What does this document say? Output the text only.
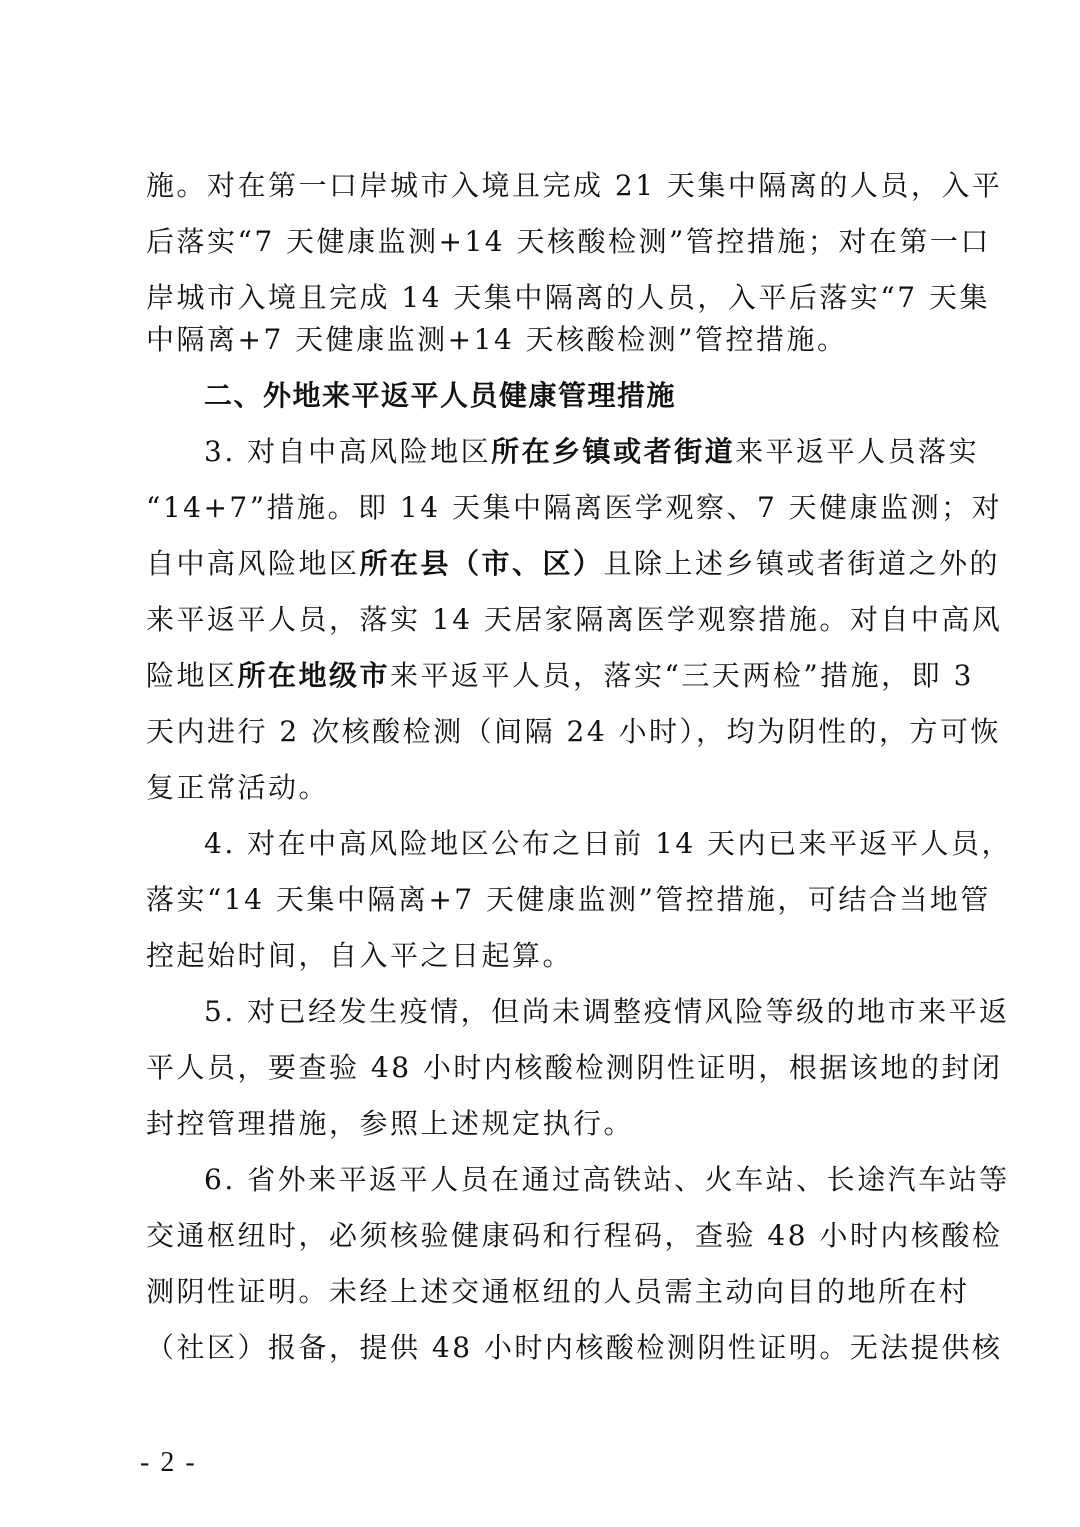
施。对在第一口岸城市入境且完成 21 天集中隔离的人员，入平
后落实“7 天健康监测+14 天核酸检测”管控措施；对在第一口
岸城市入境且完成 14 天集中隔离的人员，入平后落实“7 天集
中隔离+7 天健康监测+14 天核酸检测”管控措施。
二、外地来平返平人员健康管理措施
3. 对自中高风险地区所在乡镇或者街道来平返平人员落实
“14+7”措施。即 14 天集中隔离医学观察、7 天健康监测；对
自中高风险地区所在县（市、区）且除上述乡镇或者街道之外的
来平返平人员，落实 14 天居家隔离医学观察措施。对自中高风
险地区所在地级市来平返平人员，落实“三天两检”措施，即 3
天内进行 2 次核酸检测（间隔 24 小时），均为阴性的，方可恢
复正常活动。
4. 对在中高风险地区公布之日前 14 天内已来平返平人员，
落实“14 天集中隔离+7 天健康监测”管控措施，可结合当地管
控起始时间，自入平之日起算。
5. 对已经发生疫情，但尚未调整疫情风险等级的地市来平返
平人员，要查验 48 小时内核酸检测阴性证明，根据该地的封闭
封控管理措施，参照上述规定执行。
6. 省外来平返平人员在通过高铁站、火车站、长途汽车站等
交通枢纽时，必须核验健康码和行程码，查验 48 小时内核酸检
测阴性证明。未经上述交通枢纽的人员需主动向目的地所在村
（社区）报备，提供 48 小时内核酸检测阴性证明。无法提供核
- 2 -
